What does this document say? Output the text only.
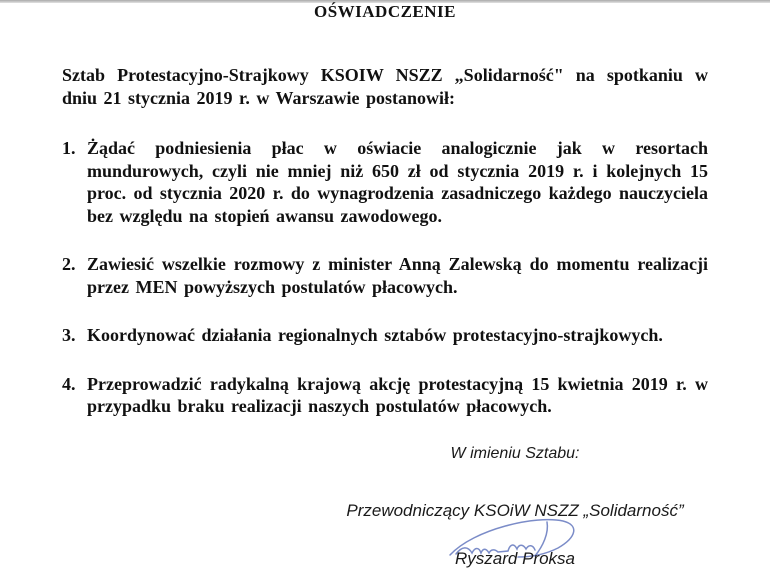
OŚWIADCZENIE

Sztab Protestacyjno-Strajkowy KSOIW NSZZ „Solidarność" na spotkaniu w dniu 21 stycznia 2019 r. w Warszawie postanowił:

1. Żądać podniesienia płac w oświacie analogicznie jak w resortach mundurowych, czyli nie mniej niż 650 zł od stycznia 2019 r. i kolejnych 15 proc. od stycznia 2020 r. do wynagrodzenia zasadniczego każdego nauczyciela bez względu na stopień awansu zawodowego.
2. Zawiesić wszelkie rozmowy z minister Anną Zalewską do momentu realizacji przez MEN powyższych postulatów płacowych.
3. Koordynować działania regionalnych sztabów protestacyjno-strajkowych.
4. Przeprowadzić radykalną krajową akcję protestacyjną 15 kwietnia 2019 r. w przypadku braku realizacji naszych postulatów płacowych.
W imieniu Sztabu:
Przewodniczący KSOiW NSZZ „Solidarność”
Ryszard Proksa
